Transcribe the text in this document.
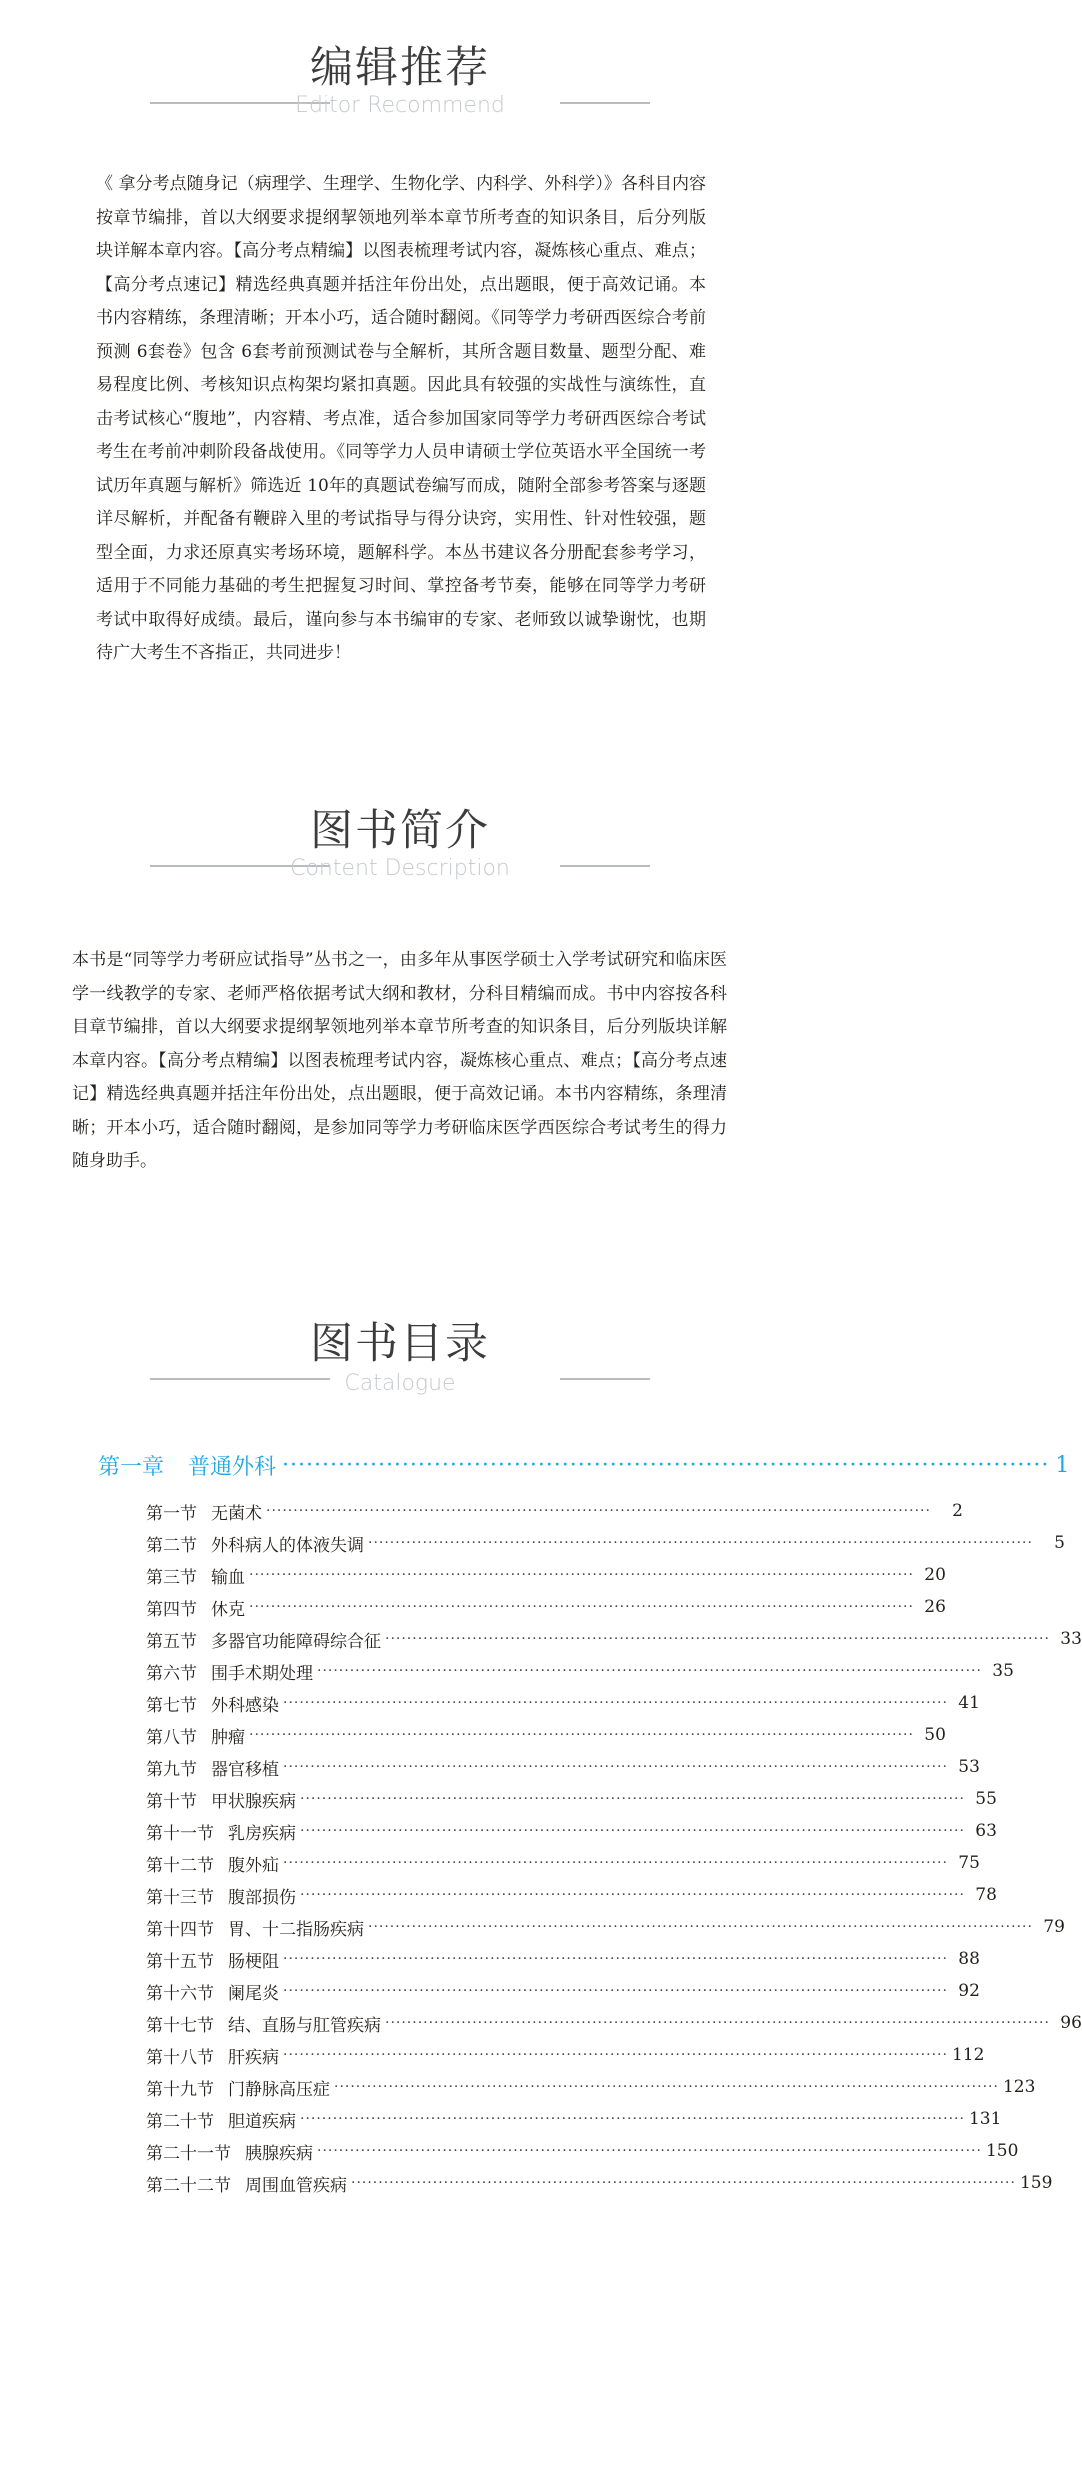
编辑推荐
Editor Recommend
《 拿分考点随身记（病理学、生理学、生物化学、内科学、外科学）》各科目内容按章节编排，首以大纲要求提纲挈领地列举本章节所考查的知识条目，后分列版块详解本章内容。【高分考点精编】以图表梳理考试内容，凝炼核心重点、难点；【高分考点速记】精选经典真题并括注年份出处，点出题眼，便于高效记诵。本书内容精练，条理清晰；开本小巧，适合随时翻阅。《同等学力考研西医综合考前预测 6套卷》包含 6套考前预测试卷与全解析，其所含题目数量、题型分配、难易程度比例、考核知识点构架均紧扣真题。因此具有较强的实战性与演练性，直击考试核心“腹地”，内容精、考点准，适合参加国家同等学力考研西医综合考试考生在考前冲刺阶段备战使用。《同等学力人员申请硕士学位英语水平全国统一考试历年真题与解析》筛选近 10年的真题试卷编写而成，随附全部参考答案与逐题详尽解析，并配备有鞭辟入里的考试指导与得分诀窍，实用性、针对性较强，题型全面，力求还原真实考场环境，题解科学。本丛书建议各分册配套参考学习，适用于不同能力基础的考生把握复习时间、掌控备考节奏，能够在同等学力考研考试中取得好成绩。最后，谨向参与本书编审的专家、老师致以诚挚谢忱，也期待广大考生不吝指正，共同进步！
图书简介
Content Description
本书是“同等学力考研应试指导”丛书之一，由多年从事医学硕士入学考试研究和临床医学一线教学的专家、老师严格依据考试大纲和教材，分科目精编而成。书中内容按各科目章节编排，首以大纲要求提纲挈领地列举本章节所考查的知识条目，后分列版块详解本章内容。【高分考点精编】以图表梳理考试内容，凝炼核心重点、难点；【高分考点速记】精选经典真题并括注年份出处，点出题眼，便于高效记诵。本书内容精练，条理清晰；开本小巧，适合随时翻阅，是参加同等学力考研临床医学西医综合考试考生的得力随身助手。
图书目录
Catalogue
第一章 普通外科 ································································································ 1
第一节 无菌术 ··························································································································	2
第二节 外科病人的体液失调 ··························································································································	5
第三节 输血 ·························································································································· 20
第四节 休克 ·························································································································· 26
第五节 多器官功能障碍综合征 ·························································································································· 33
第六节 围手术期处理 ·························································································································· 35
第七节 外科感染 ·························································································································· 41
第八节 肿瘤 ·························································································································· 50
第九节 器官移植 ·························································································································· 53
第十节 甲状腺疾病 ·························································································································· 55
第十一节 乳房疾病 ·························································································································· 63
第十二节 腹外疝 ·························································································································· 75
第十三节 腹部损伤 ·························································································································· 78
第十四节 胃、十二指肠疾病 ·························································································································· 79
第十五节 肠梗阻 ·························································································································· 88
第十六节 阑尾炎 ·························································································································· 92
第十七节 结、直肠与肛管疾病 ·························································································································· 96
第十八节 肝疾病 ·························································································································· 112
第十九节 门静脉高压症 ·························································································································· 123
第二十节 胆道疾病 ·························································································································· 131
第二十一节 胰腺疾病 ·························································································································· 150
第二十二节 周围血管疾病 ·························································································································· 159
